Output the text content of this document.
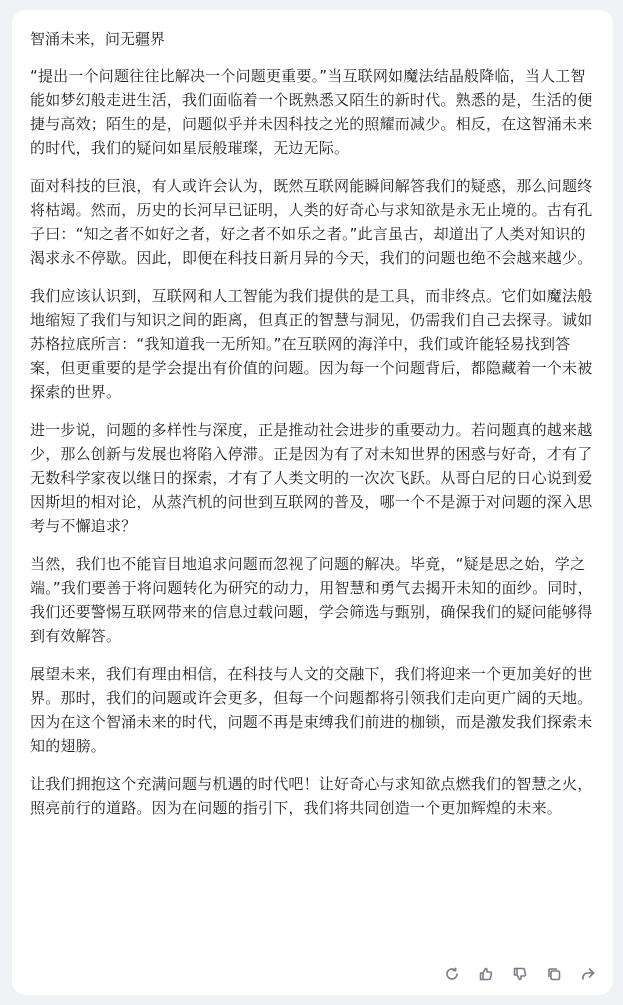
智涌未来，问无疆界
“提出一个问题往往比解决一个问题更重要。”当互联网如魔法结晶般降临，当人工智能如梦幻般走进生活，我们面临着一个既熟悉又陌生的新时代。熟悉的是，生活的便捷与高效；陌生的是，问题似乎并未因科技之光的照耀而减少。相反，在这智涌未来的时代，我们的疑问如星辰般璀璨，无边无际。
面对科技的巨浪，有人或许会认为，既然互联网能瞬间解答我们的疑惑，那么问题终将枯竭。然而，历史的长河早已证明，人类的好奇心与求知欲是永无止境的。古有孔子曰：“知之者不如好之者，好之者不如乐之者。”此言虽古，却道出了人类对知识的渴求永不停歇。因此，即便在科技日新月异的今天，我们的问题也绝不会越来越少。
我们应该认识到，互联网和人工智能为我们提供的是工具，而非终点。它们如魔法般地缩短了我们与知识之间的距离，但真正的智慧与洞见，仍需我们自己去探寻。诚如苏格拉底所言：“我知道我一无所知。”在互联网的海洋中，我们或许能轻易找到答案，但更重要的是学会提出有价值的问题。因为每一个问题背后，都隐藏着一个未被探索的世界。
进一步说，问题的多样性与深度，正是推动社会进步的重要动力。若问题真的越来越少，那么创新与发展也将陷入停滞。正是因为有了对未知世界的困惑与好奇，才有了无数科学家夜以继日的探索，才有了人类文明的一次次飞跃。从哥白尼的日心说到爱因斯坦的相对论，从蒸汽机的问世到互联网的普及，哪一个不是源于对问题的深入思考与不懈追求？
当然，我们也不能盲目地追求问题而忽视了问题的解决。毕竟，“疑是思之始，学之端。”我们要善于将问题转化为研究的动力，用智慧和勇气去揭开未知的面纱。同时，我们还要警惕互联网带来的信息过载问题，学会筛选与甄别，确保我们的疑问能够得到有效解答。
展望未来，我们有理由相信，在科技与人文的交融下，我们将迎来一个更加美好的世界。那时，我们的问题或许会更多，但每一个问题都将引领我们走向更广阔的天地。因为在这个智涌未来的时代，问题不再是束缚我们前进的枷锁，而是激发我们探索未知的翅膀。
让我们拥抱这个充满问题与机遇的时代吧！让好奇心与求知欲点燃我们的智慧之火，照亮前行的道路。因为在问题的指引下，我们将共同创造一个更加辉煌的未来。
